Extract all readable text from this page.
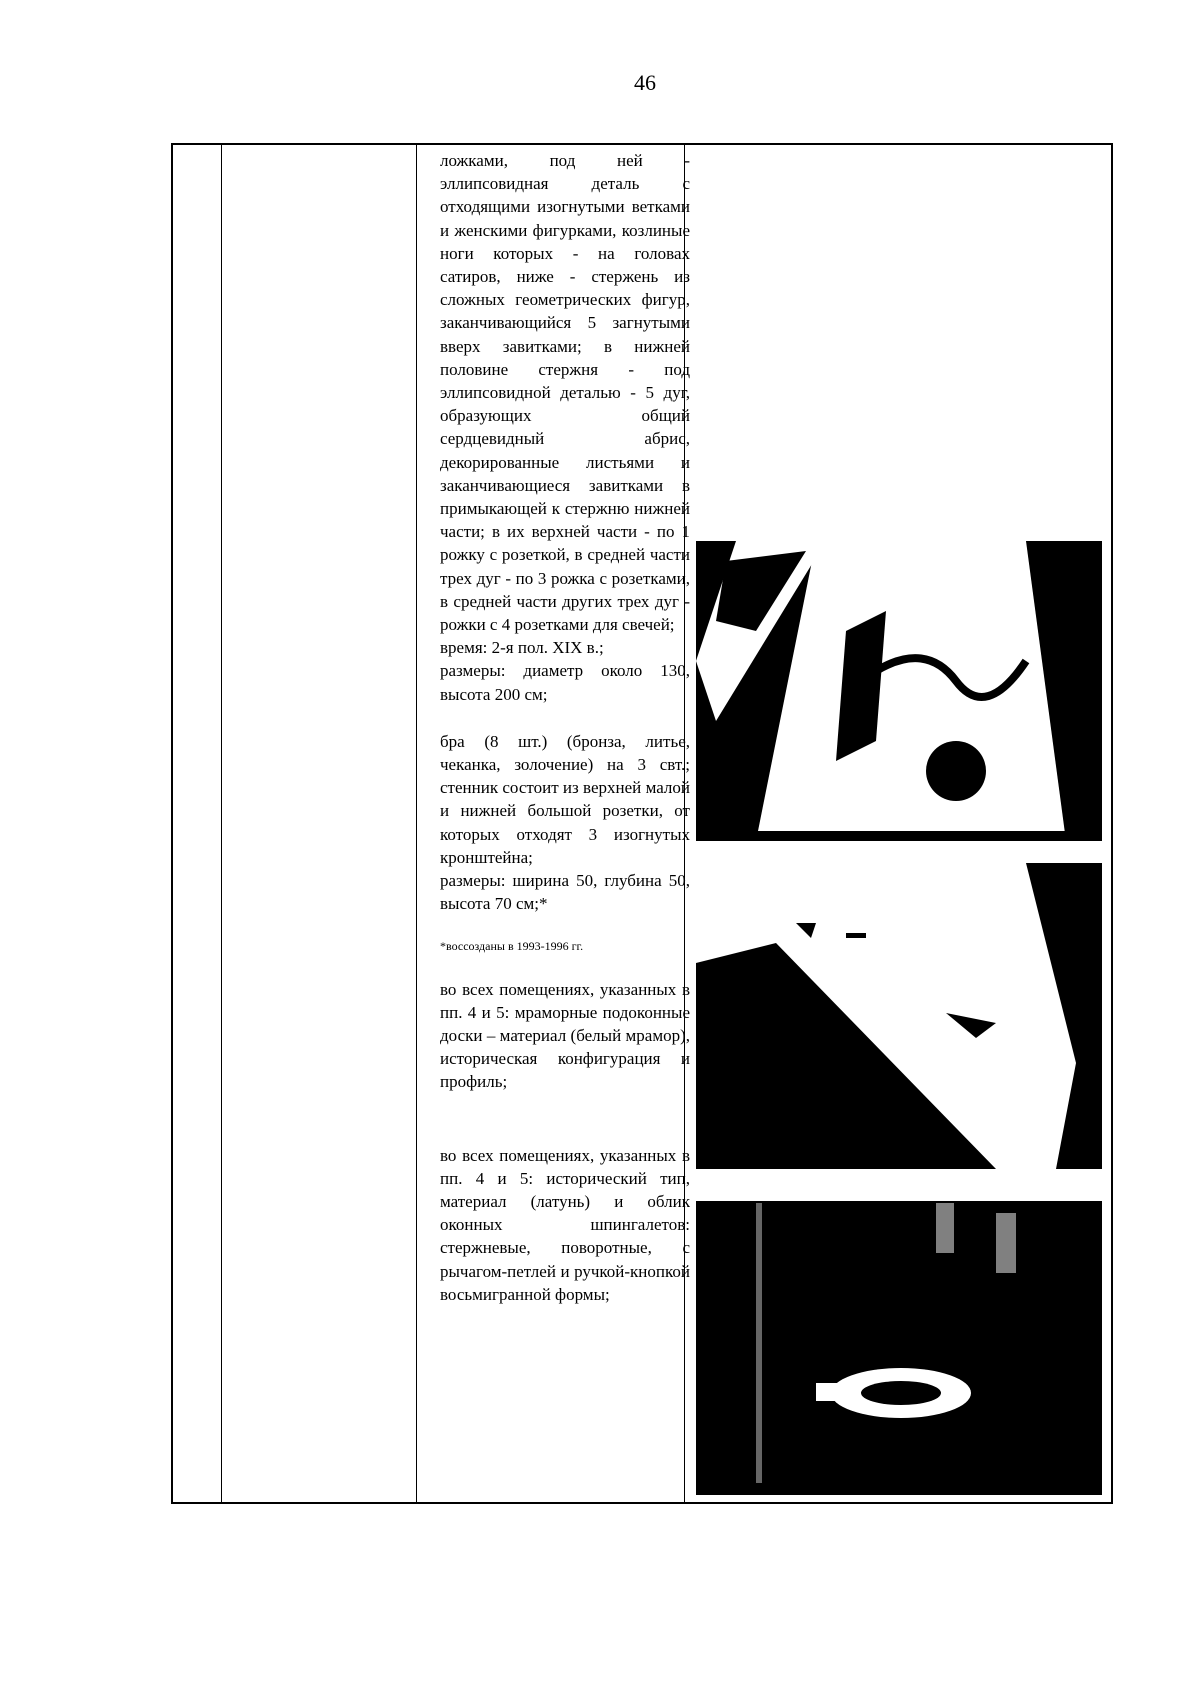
46

ложками, под ней - эллипсовидная деталь с отходящими изогнутыми ветками и женскими фигурками, козлиные ноги которых - на головах сатиров, ниже - стержень из сложных геометрических фигур, заканчивающийся 5 загнутыми вверх завитками; в нижней половине стержня - под эллипсовидной деталью - 5 дуг, образующих общий сердцевидный абрис, декорированные листьями и заканчивающиеся завитками в примыкающей к стержню нижней части; в их верхней части - по 1 рожку с розеткой, в средней части трех дуг - по 3 рожка с розетками, в средней части других трех дуг - рожки с 4 розетками для свечей;

время: 2-я пол. XIX в.;

размеры: диаметр около 130, высота 200 см;

бра (8 шт.) (бронза, литье, чеканка, золочение) на 3 свт.; стенник состоит из верхней малой и нижней большой розетки, от которых отходят 3 изогнутых кронштейна;

размеры: ширина 50, глубина 50, высота 70 см;*

*воссозданы в 1993-1996 гг.

во всех помещениях, указанных в пп. 4 и 5: мраморные подоконные доски – материал (белый мрамор), историческая конфигурация и профиль;

во всех помещениях, указанных в пп. 4 и 5: исторический тип, материал (латунь) и облик оконных шпингалетов: стержневые, поворотные, с рычагом-петлей и ручкой-кнопкой восьмигранной формы;
